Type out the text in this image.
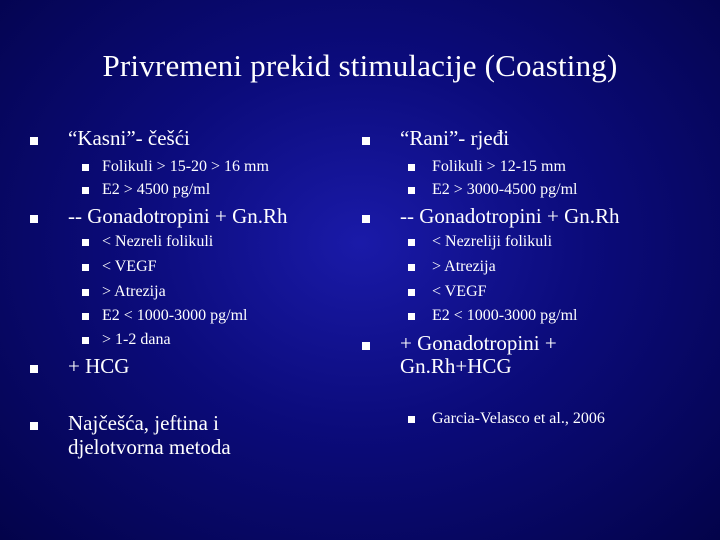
Privremeni prekid stimulacije (Coasting)
“Kasni”- češći
Folikuli > 15-20 > 16 mm
E2 > 4500 pg/ml
-- Gonadotropini + Gn.Rh
< Nezreli folikuli
< VEGF
> Atrezija
E2 < 1000-3000 pg/ml
> 1-2 dana
+ HCG
Najčešća, jeftina i
djelotvorna metoda
“Rani”- rjeđi
Folikuli > 12-15 mm
E2 > 3000-4500 pg/ml
-- Gonadotropini + Gn.Rh
< Nezreliji folikuli
> Atrezija
< VEGF
E2 < 1000-3000 pg/ml
+ Gonadotropini +
Gn.Rh+HCG
Garcia-Velasco et al., 2006
